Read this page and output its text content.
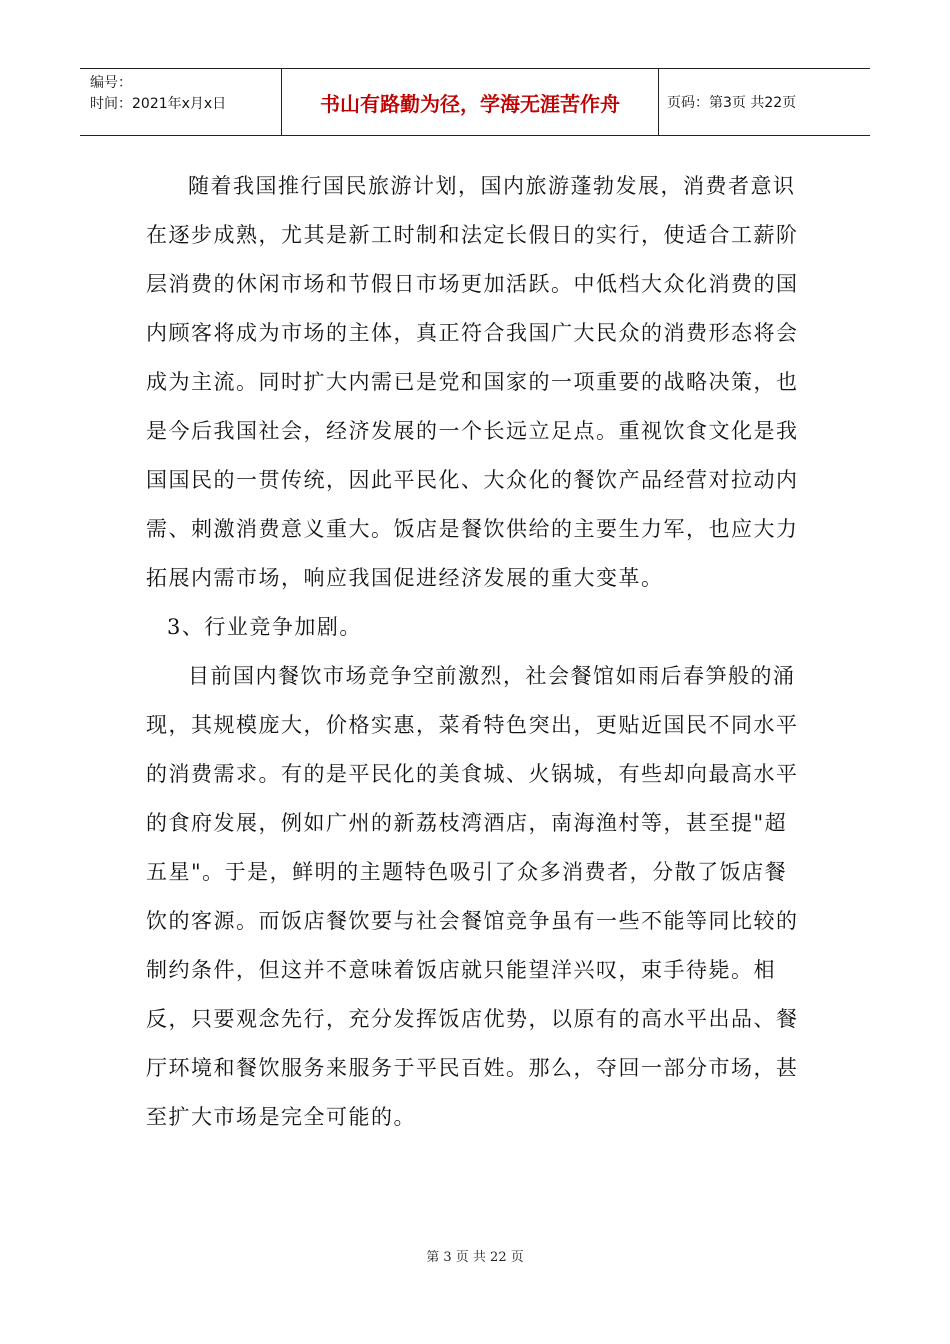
编号：
时间：2021年x月x日	书山有路勤为径，学海无涯苦作舟	页码：第3页 共22页

随着我国推行国民旅游计划，国内旅游蓬勃发展，消费者意识在逐步成熟，尤其是新工时制和法定长假日的实行，使适合工薪阶层消费的休闲市场和节假日市场更加活跃。中低档大众化消费的国内顾客将成为市场的主体，真正符合我国广大民众的消费形态将会成为主流。同时扩大内需已是党和国家的一项重要的战略决策，也是今后我国社会，经济发展的一个长远立足点。重视饮食文化是我国国民的一贯传统，因此平民化、大众化的餐饮产品经营对拉动内需、刺激消费意义重大。饭店是餐饮供给的主要生力军，也应大力拓展内需市场，响应我国促进经济发展的重大变革。

3、行业竞争加剧。

目前国内餐饮市场竞争空前激烈，社会餐馆如雨后春笋般的涌现，其规模庞大，价格实惠，菜肴特色突出，更贴近国民不同水平的消费需求。有的是平民化的美食城、火锅城，有些却向最高水平的食府发展，例如广州的新荔枝湾酒店，南海渔村等，甚至提"超五星"。于是，鲜明的主题特色吸引了众多消费者，分散了饭店餐饮的客源。而饭店餐饮要与社会餐馆竞争虽有一些不能等同比较的制约条件，但这并不意味着饭店就只能望洋兴叹，束手待毙。相反，只要观念先行，充分发挥饭店优势，以原有的高水平出品、餐厅环境和餐饮服务来服务于平民百姓。那么，夺回一部分市场，甚至扩大市场是完全可能的。

第 3 页 共 22 页
